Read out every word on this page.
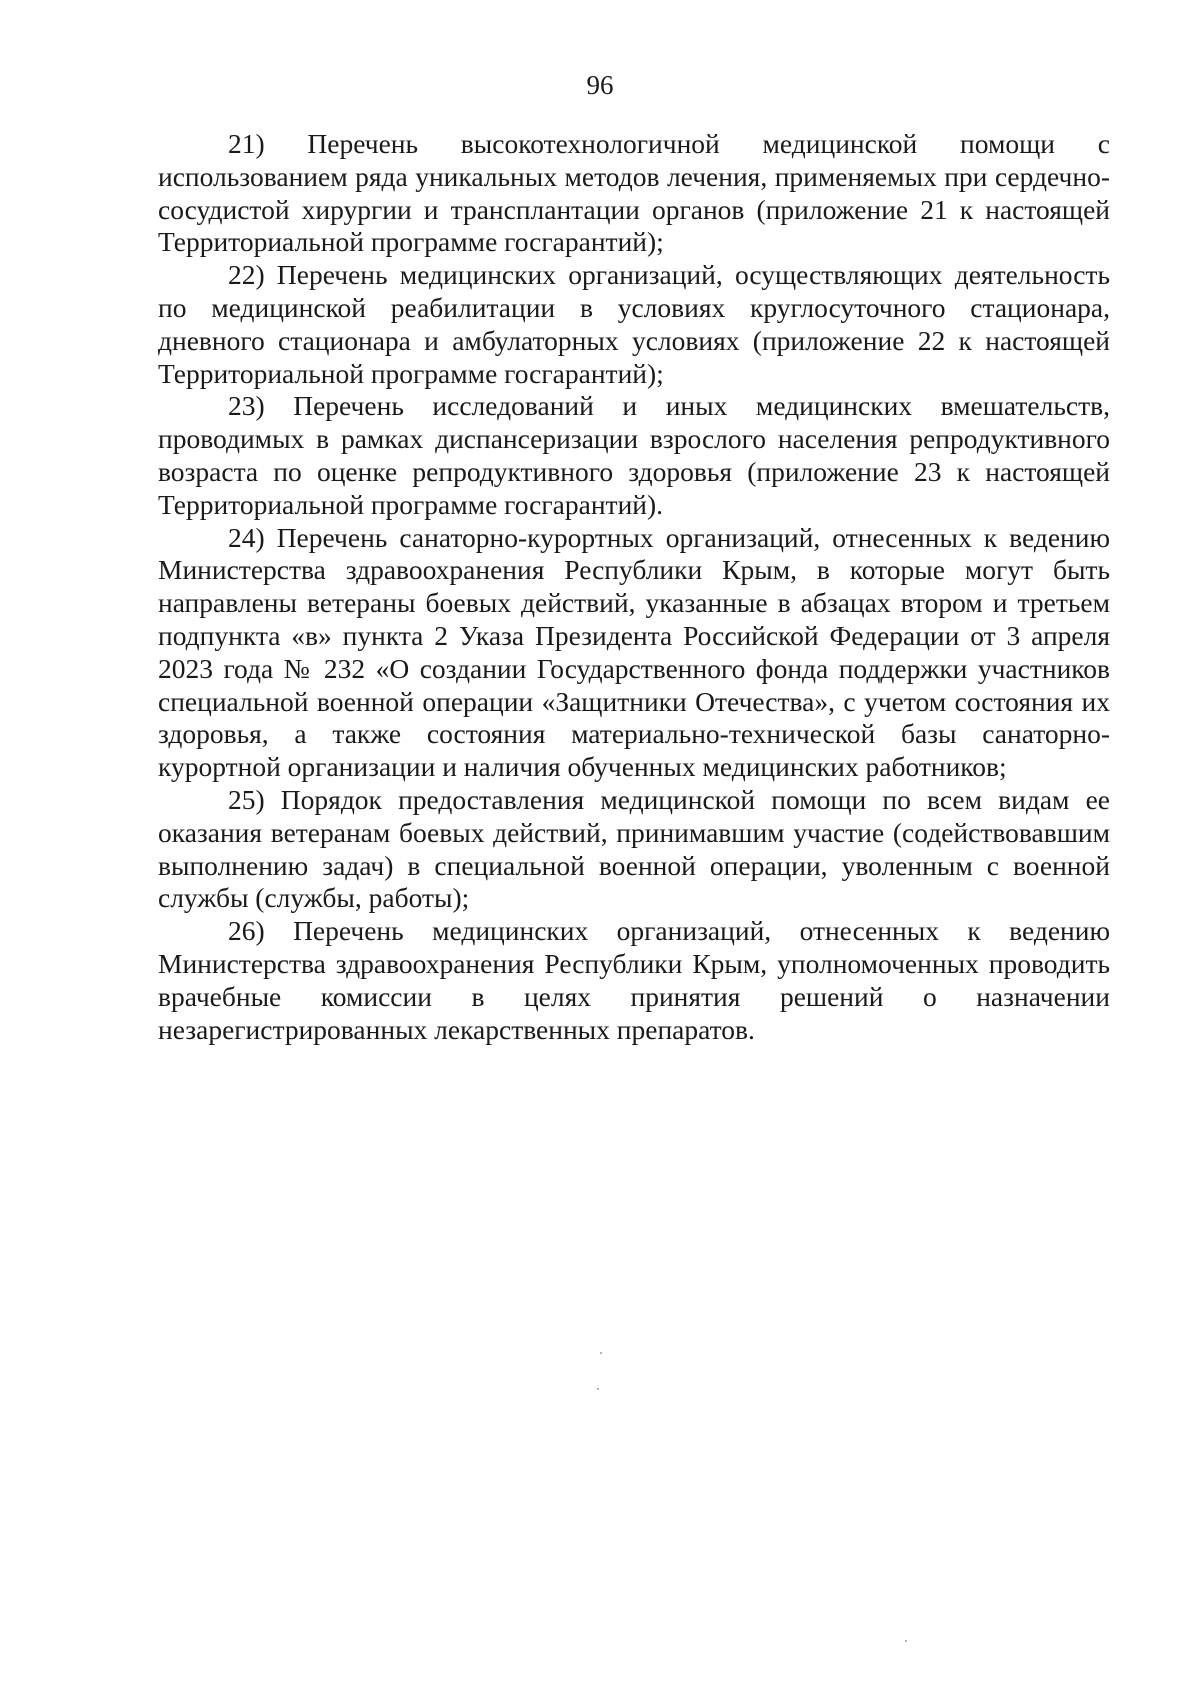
96

21) Перечень высокотехнологичной медицинской помощи с использованием ряда уникальных методов лечения, применяемых при сердечно-сосудистой хирургии и трансплантации органов (приложение 21 к настоящей Территориальной программе госгарантий);

22) Перечень медицинских организаций, осуществляющих деятельность по медицинской реабилитации в условиях круглосуточного стационара, дневного стационара и амбулаторных условиях (приложение 22 к настоящей Территориальной программе госгарантий);

23) Перечень исследований и иных медицинских вмешательств, проводимых в рамках диспансеризации взрослого населения репродуктивного возраста по оценке репродуктивного здоровья (приложение 23 к настоящей Территориальной программе госгарантий).

24) Перечень санаторно-курортных организаций, отнесенных к ведению Министерства здравоохранения Республики Крым, в которые могут быть направлены ветераны боевых действий, указанные в абзацах втором и третьем подпункта «в» пункта 2 Указа Президента Российской Федерации от 3 апреля 2023 года № 232 «О создании Государственного фонда поддержки участников специальной военной операции «Защитники Отечества», с учетом состояния их здоровья, а также состояния материально-технической базы санаторно-курортной организации и наличия обученных медицинских работников;

25) Порядок предоставления медицинской помощи по всем видам ее оказания ветеранам боевых действий, принимавшим участие (содействовавшим выполнению задач) в специальной военной операции, уволенным с военной службы (службы, работы);

26) Перечень медицинских организаций, отнесенных к ведению Министерства здравоохранения Республики Крым, уполномоченных проводить врачебные комиссии в целях принятия решений о назначении незарегистрированных лекарственных препаратов.
